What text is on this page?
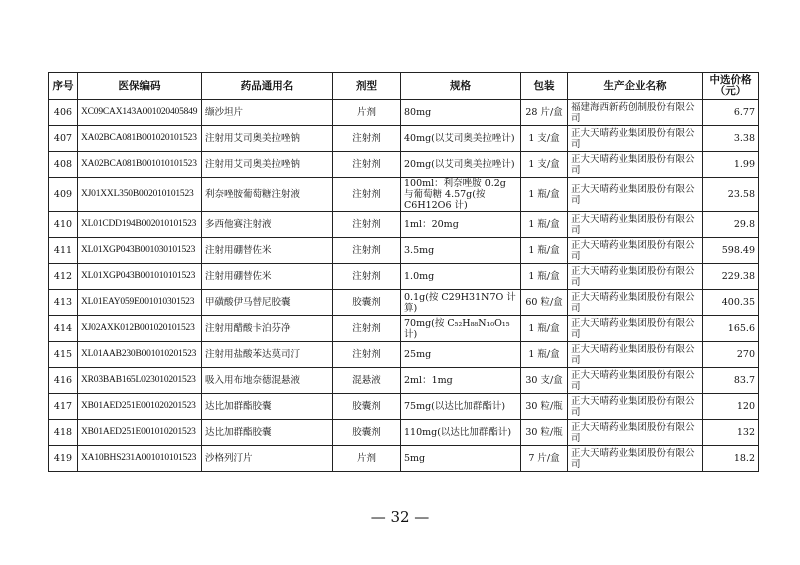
序号	医保编码	药品通用名	剂型	规格	包装	生产企业名称	中选价格（元）
406	XC09CAX143A001020405849	缬沙坦片	片剂	80mg	28 片/盒	福建海西新药创制股份有限公司	6.77
407	XA02BCA081B001020101523	注射用艾司奥美拉唑钠	注射剂	40mg(以艾司奥美拉唑计)	1 支/盒	正大天晴药业集团股份有限公司	3.38
408	XA02BCA081B001010101523	注射用艾司奥美拉唑钠	注射剂	20mg(以艾司奥美拉唑计)	1 支/盒	正大天晴药业集团股份有限公司	1.99
409	XJ01XXL350B002010101523	利奈唑胺葡萄糖注射液	注射剂	100ml：利奈唑胺 0.2g 与葡萄糖 4.57g(按 C6H12O6 计)	1 瓶/盒	正大天晴药业集团股份有限公司	23.58
410	XL01CDD194B002010101523	多西他赛注射液	注射剂	1ml：20mg	1 瓶/盒	正大天晴药业集团股份有限公司	29.8
411	XL01XGP043B001030101523	注射用硼替佐米	注射剂	3.5mg	1 瓶/盒	正大天晴药业集团股份有限公司	598.49
412	XL01XGP043B001010101523	注射用硼替佐米	注射剂	1.0mg	1 瓶/盒	正大天晴药业集团股份有限公司	229.38
413	XL01EAY059E001010301523	甲磺酸伊马替尼胶囊	胶囊剂	0.1g(按 C29H31N7O 计算)	60 粒/盒	正大天晴药业集团股份有限公司	400.35
414	XJ02AXK012B001020101523	注射用醋酸卡泊芬净	注射剂	70mg(按 C₅₂H₈₈N₁₀O₁₅ 计)	1 瓶/盒	正大天晴药业集团股份有限公司	165.6
415	XL01AAB230B001010201523	注射用盐酸苯达莫司汀	注射剂	25mg	1 瓶/盒	正大天晴药业集团股份有限公司	270
416	XR03BAB165L023010201523	吸入用布地奈德混悬液	混悬液	2ml：1mg	30 支/盒	正大天晴药业集团股份有限公司	83.7
417	XB01AED251E001020201523	达比加群酯胶囊	胶囊剂	75mg(以达比加群酯计)	30 粒/瓶	正大天晴药业集团股份有限公司	120
418	XB01AED251E001010201523	达比加群酯胶囊	胶囊剂	110mg(以达比加群酯计)	30 粒/瓶	正大天晴药业集团股份有限公司	132
419	XA10BHS231A001010101523	沙格列汀片	片剂	5mg	7 片/盒	正大天晴药业集团股份有限公司	18.2
— 32 —
